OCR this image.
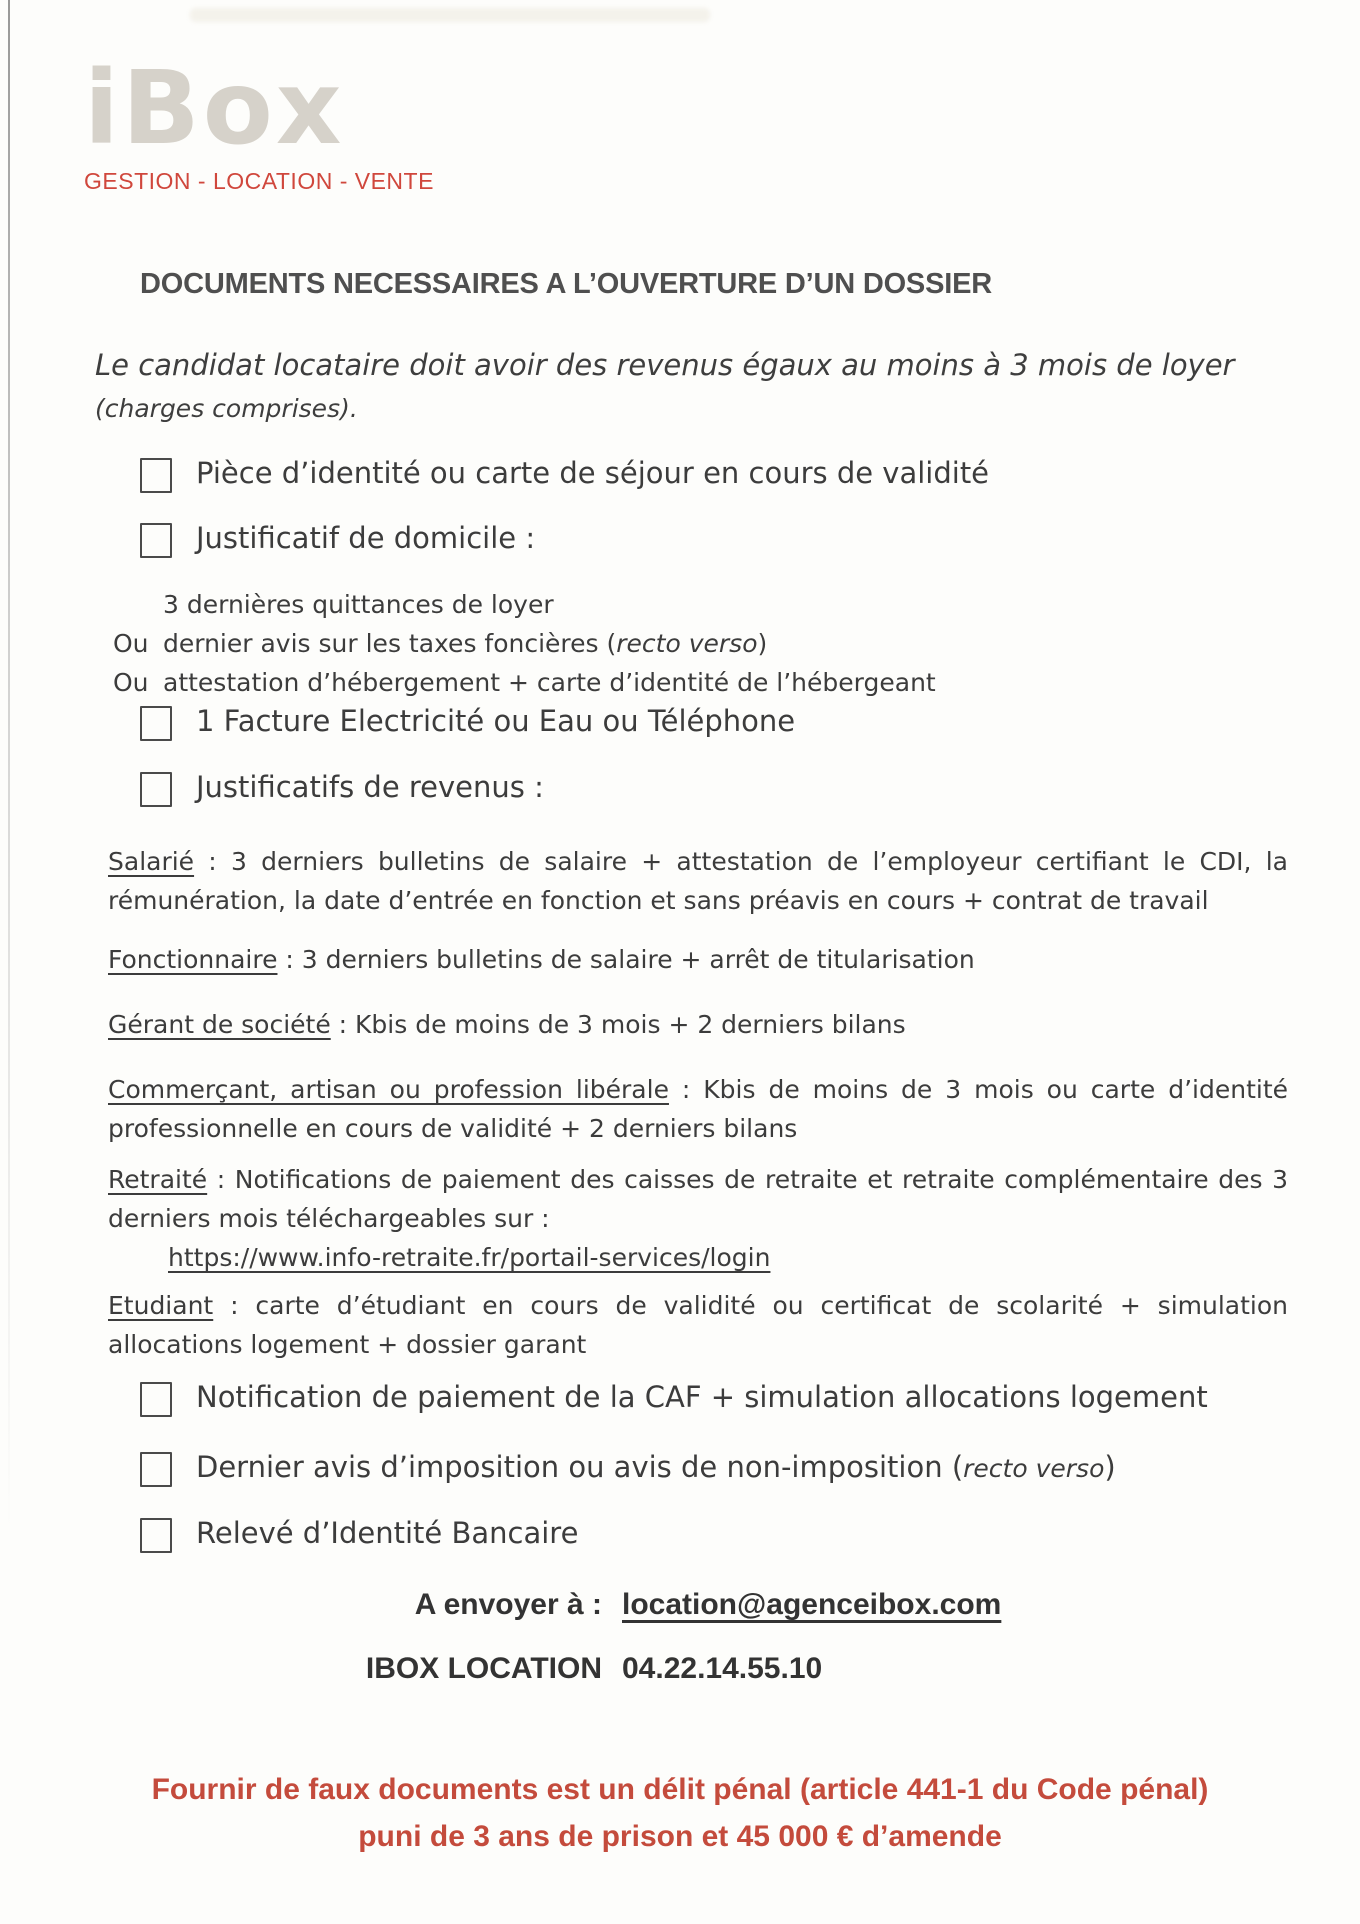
iBox
GESTION - LOCATION - VENTE
DOCUMENTS NECESSAIRES A L’OUVERTURE D’UN DOSSIER
Le candidat locataire doit avoir des revenus égaux au moins à 3 mois de loyer
(charges comprises).
Pièce d’identité ou carte de séjour en cours de validité
Justificatif de domicile :
3 dernières quittances de loyer
Ou dernier avis sur les taxes foncières (recto verso)
Ou attestation d’hébergement + carte d’identité de l’hébergeant
1 Facture Electricité ou Eau ou Téléphone
Justificatifs de revenus :

Salarié : 3 derniers bulletins de salaire + attestation de l’employeur certifiant le CDI, la rémunération, la date d’entrée en fonction et sans préavis en cours + contrat de travail

Fonctionnaire : 3 derniers bulletins de salaire + arrêt de titularisation

Gérant de société : Kbis de moins de 3 mois + 2 derniers bilans

Commerçant, artisan ou profession libérale : Kbis de moins de 3 mois ou carte d’identité professionnelle en cours de validité + 2 derniers bilans

Retraité : Notifications de paiement des caisses de retraite et retraite complémentaire des 3 derniers mois téléchargeables sur :
https://www.info-retraite.fr/portail-services/login

Etudiant : carte d’étudiant en cours de validité ou certificat de scolarité + simulation allocations logement + dossier garant

Notification de paiement de la CAF + simulation allocations logement
Dernier avis d’imposition ou avis de non-imposition (recto verso)
Relevé d’Identité Bancaire
A envoyer à : location@agenceibox.com
IBOX LOCATION 04.22.14.55.10
Fournir de faux documents est un délit pénal (article 441-1 du Code pénal)
puni de 3 ans de prison et 45 000 € d’amende
